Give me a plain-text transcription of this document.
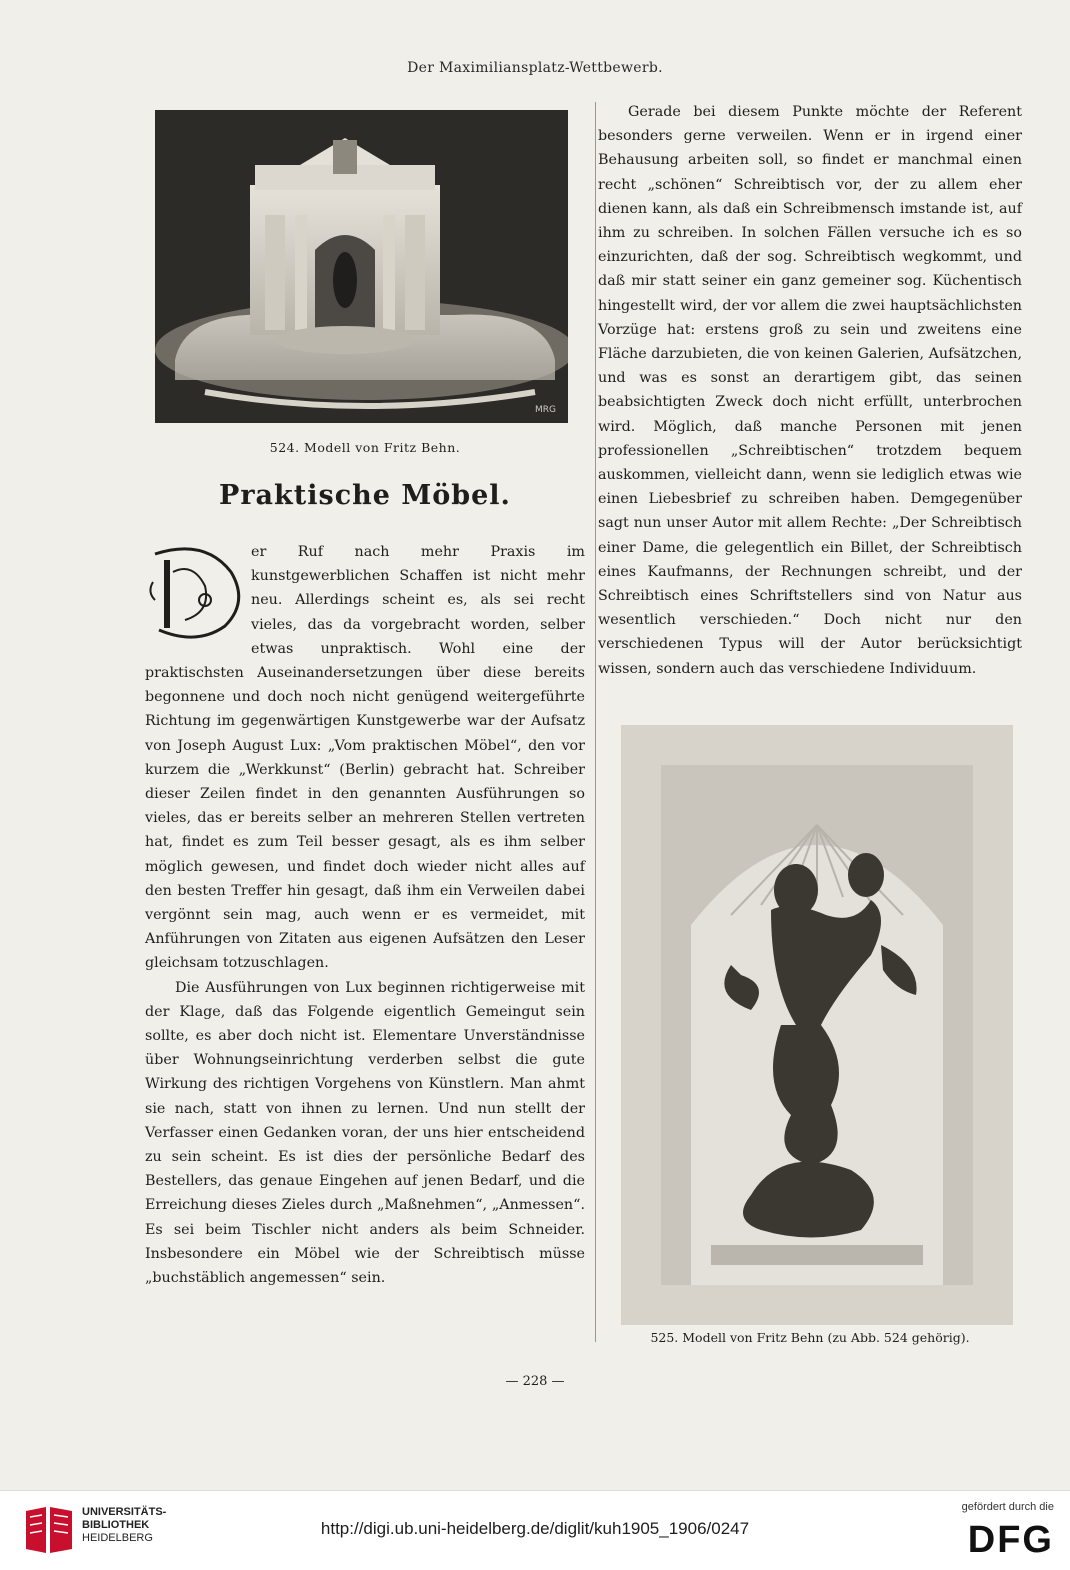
Der Maximiliansplatz-Wettbewerb.
MRG
524. Modell von Fritz Behn.
Praktische Möbel.

er Ruf nach mehr Praxis im kunstgewerblichen Schaffen ist nicht mehr neu. Allerdings scheint es, als sei recht vieles, das da vorgebracht worden, selber etwas unpraktisch. Wohl eine der praktischsten Auseinandersetzungen über diese bereits begonnene und doch noch nicht genügend weitergeführte Richtung im gegenwärtigen Kunstgewerbe war der Aufsatz von Joseph August Lux: „Vom praktischen Möbel“, den vor kurzem die „Werkkunst“ (Berlin) gebracht hat. Schreiber dieser Zeilen findet in den genannten Ausführungen so vieles, das er bereits selber an mehreren Stellen vertreten hat, findet es zum Teil besser gesagt, als es ihm selber möglich gewesen, und findet doch wieder nicht alles auf den besten Treffer hin gesagt, daß ihm ein Verweilen dabei vergönnt sein mag, auch wenn er es vermeidet, mit Anführungen von Zitaten aus eigenen Aufsätzen den Leser gleichsam totzuschlagen.

Die Ausführungen von Lux beginnen richtigerweise mit der Klage, daß das Folgende eigentlich Gemeingut sein sollte, es aber doch nicht ist. Elementare Unverständnisse über Wohnungseinrichtung verderben selbst die gute Wirkung des richtigen Vorgehens von Künstlern. Man ahmt sie nach, statt von ihnen zu lernen. Und nun stellt der Verfasser einen Gedanken voran, der uns hier entscheidend zu sein scheint. Es ist dies der persönliche Bedarf des Bestellers, das genaue Eingehen auf jenen Bedarf, und die Erreichung dieses Zieles durch „Maßnehmen“, „Anmessen“. Es sei beim Tischler nicht anders als beim Schneider. Insbesondere ein Möbel wie der Schreibtisch müsse „buchstäblich angemessen“ sein.

Gerade bei diesem Punkte möchte der Referent besonders gerne verweilen. Wenn er in irgend einer Behausung arbeiten soll, so findet er manchmal einen recht „schönen“ Schreibtisch vor, der zu allem eher dienen kann, als daß ein Schreibmensch imstande ist, auf ihm zu schreiben. In solchen Fällen versuche ich es so einzurichten, daß der sog. Schreibtisch wegkommt, und daß mir statt seiner ein ganz gemeiner sog. Küchentisch hingestellt wird, der vor allem die zwei hauptsächlichsten Vorzüge hat: erstens groß zu sein und zweitens eine Fläche darzubieten, die von keinen Galerien, Aufsätzchen, und was es sonst an derartigem gibt, das seinen beabsichtigten Zweck doch nicht erfüllt, unterbrochen wird. Möglich, daß manche Personen mit jenen professionellen „Schreibtischen“ trotzdem bequem auskommen, vielleicht dann, wenn sie lediglich etwas wie einen Liebesbrief zu schreiben haben. Demgegenüber sagt nun unser Autor mit allem Rechte: „Der Schreibtisch einer Dame, die gelegentlich ein Billet, der Schreibtisch eines Kaufmanns, der Rechnungen schreibt, und der Schreibtisch eines Schriftstellers sind von Natur aus wesentlich verschieden.“ Doch nicht nur den verschiedenen Typus will der Autor berücksichtigt wissen, sondern auch das verschiedene Individuum.

525. Modell von Fritz Behn (zu Abb. 524 gehörig).
— 228 —
UNIVERSITÄTS-
BIBLIOTHEK
HEIDELBERG	http://digi.ub.uni-heidelberg.de/diglit/kuh1905_1906/0247
gefördert durch die
DFG
